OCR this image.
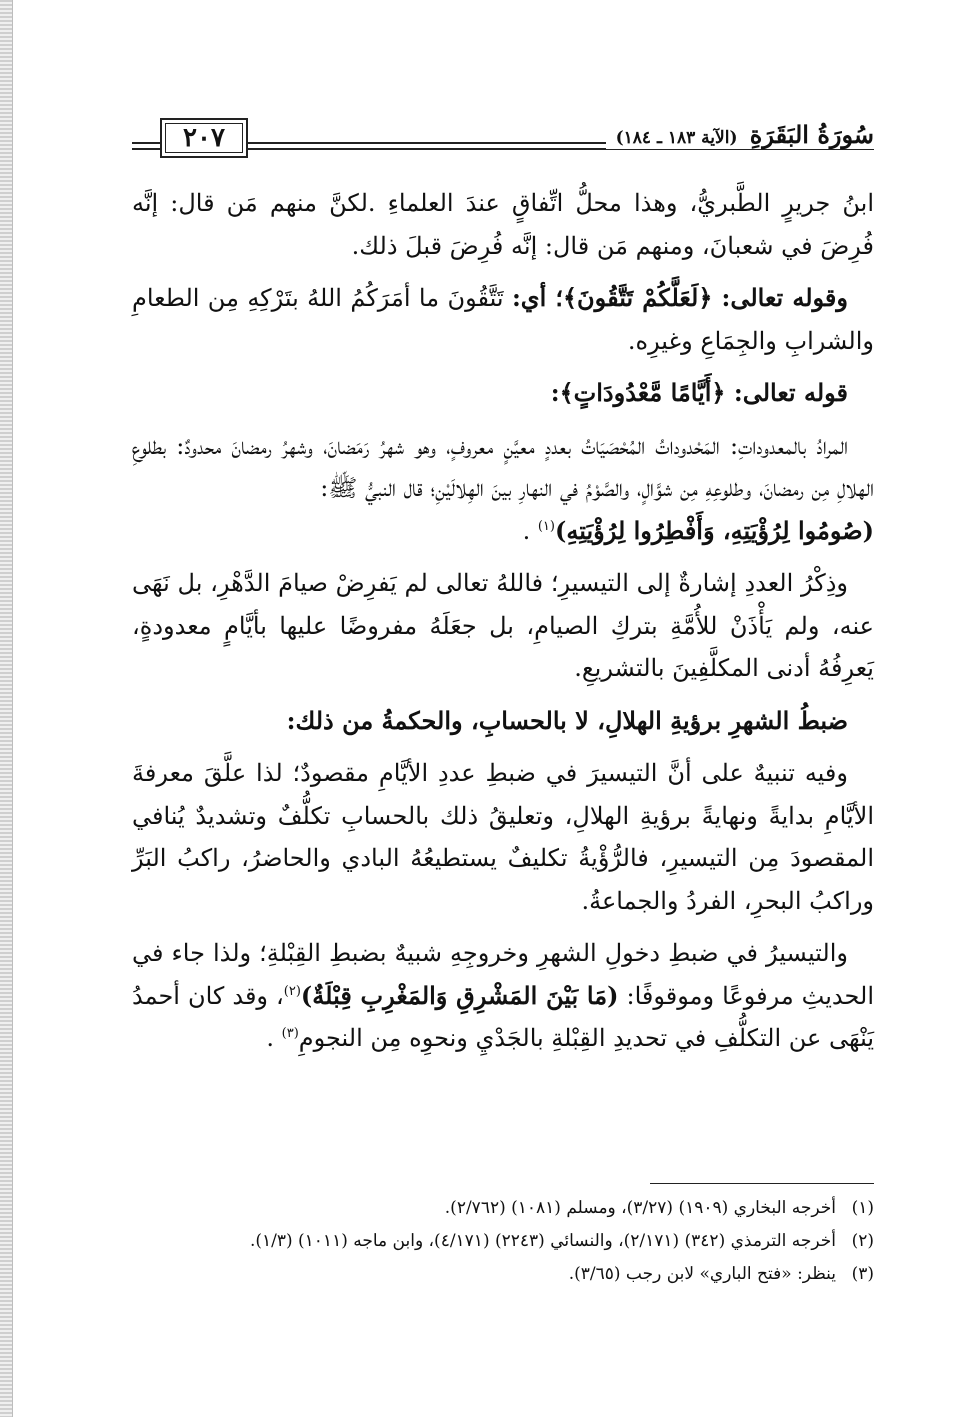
٢٠٧	سُورَةُ البَقَرَةِ (الآية ١٨٣ ـ ١٨٤)

ابنُ جريرٍ الطَّبريُّ، وهذا محلُّ اتِّفاقٍ عندَ العلماءِ .لكنَّ منهم مَن قال: إنَّه فُرِضَ في شعبانَ، ومنهم مَن قال: إنَّه فُرِضَ قبلَ ذلك.

وقوله تعالى: ﴿لَعَلَّكُمْ تَتَّقُونَ﴾؛ أي: تَتَّقُونَ ما أمَرَكُمُ اللهُ بتَرْكِهِ مِن الطعامِ والشرابِ والجِمَاعِ وغيرِه.

قوله تعالى: ﴿أَيَّامًا مَّعْدُودَاتٍ﴾:

المرادُ بالمعدوداتِ: المَحْدوداتُ المُحْصَيَاتُ بعددٍ معيَّنٍ معروفٍ، وهو شهرُ رَمَضانَ، وشهرُ رمضانَ محدودٌ: بطلوعِ الهلالِ مِن رمضانَ، وطلوعِهِ مِن شوَّالٍ، والصَّوْمُ في النهارِ بينَ الهِلالَيْنِ؛ قال النبيُّ ﷺ:
(صُومُوا لِرُؤْيَتِهِ، وَأَفْطِرُوا لِرُؤْيَتِهِ)$^{(١)}$ .

وذِكْرُ العددِ إشارةٌ إلى التيسيرِ؛ فاللهُ تعالى لم يَفرِضْ صيامَ الدَّهْرِ، بل نَهَى عنه، ولم يَأْذَنْ للأُمَّةِ بتركِ الصيامِ، بل جعَلَهُ مفروضًا عليها بأيَّامٍ معدودةٍ، يَعرِفُهُ أدنى المكلَّفِينَ بالتشريعِ.

ضبطُ الشهرِ برؤيةِ الهلالِ، لا بالحسابِ، والحكمةُ من ذلك:

وفيه تنبيهٌ على أنَّ التيسيرَ في ضبطِ عددِ الأيَّامِ مقصودٌ؛ لذا علَّقَ معرفةَ الأيَّامِ بدايةً ونهايةً برؤيةِ الهلالِ، وتعليقُ ذلك بالحسابِ تكلُّفٌ وتشديدٌ يُنافي المقصودَ مِن التيسيرِ، فالرُّؤْيةُ تكليفٌ يستطيعُهُ البادي والحاضرُ، راكبُ البَرِّ وراكبُ البحرِ، الفردُ والجماعةُ.

والتيسيرُ في ضبطِ دخولِ الشهرِ وخروجِهِ شبيهٌ بضبطِ القِبْلةِ؛ ولذا جاء في الحديثِ مرفوعًا وموقوفًا: (مَا بَيْنَ المَشْرِقِ وَالمَغْرِبِ قِبْلَةٌ)$^{(٢)}$، وقد كان أحمدُ يَنْهَى عن التكلُّفِ في تحديدِ القِبْلةِ بالجَدْيِ ونحوِه مِن النجومِ$^{(٣)}$ .

(١)
أخرجه البخاري (١٩٠٩) (٣/٢٧)، ومسلم (١٠٨١) (٢/٧٦٢).

(٢)
أخرجه الترمذي (٣٤٢) (٢/١٧١)، والنسائي (٢٢٤٣) (٤/١٧١)، وابن ماجه (١٠١١) (١/٣).

(٣)
ينظر: «فتح الباري» لابن رجب (٣/٦٥).
